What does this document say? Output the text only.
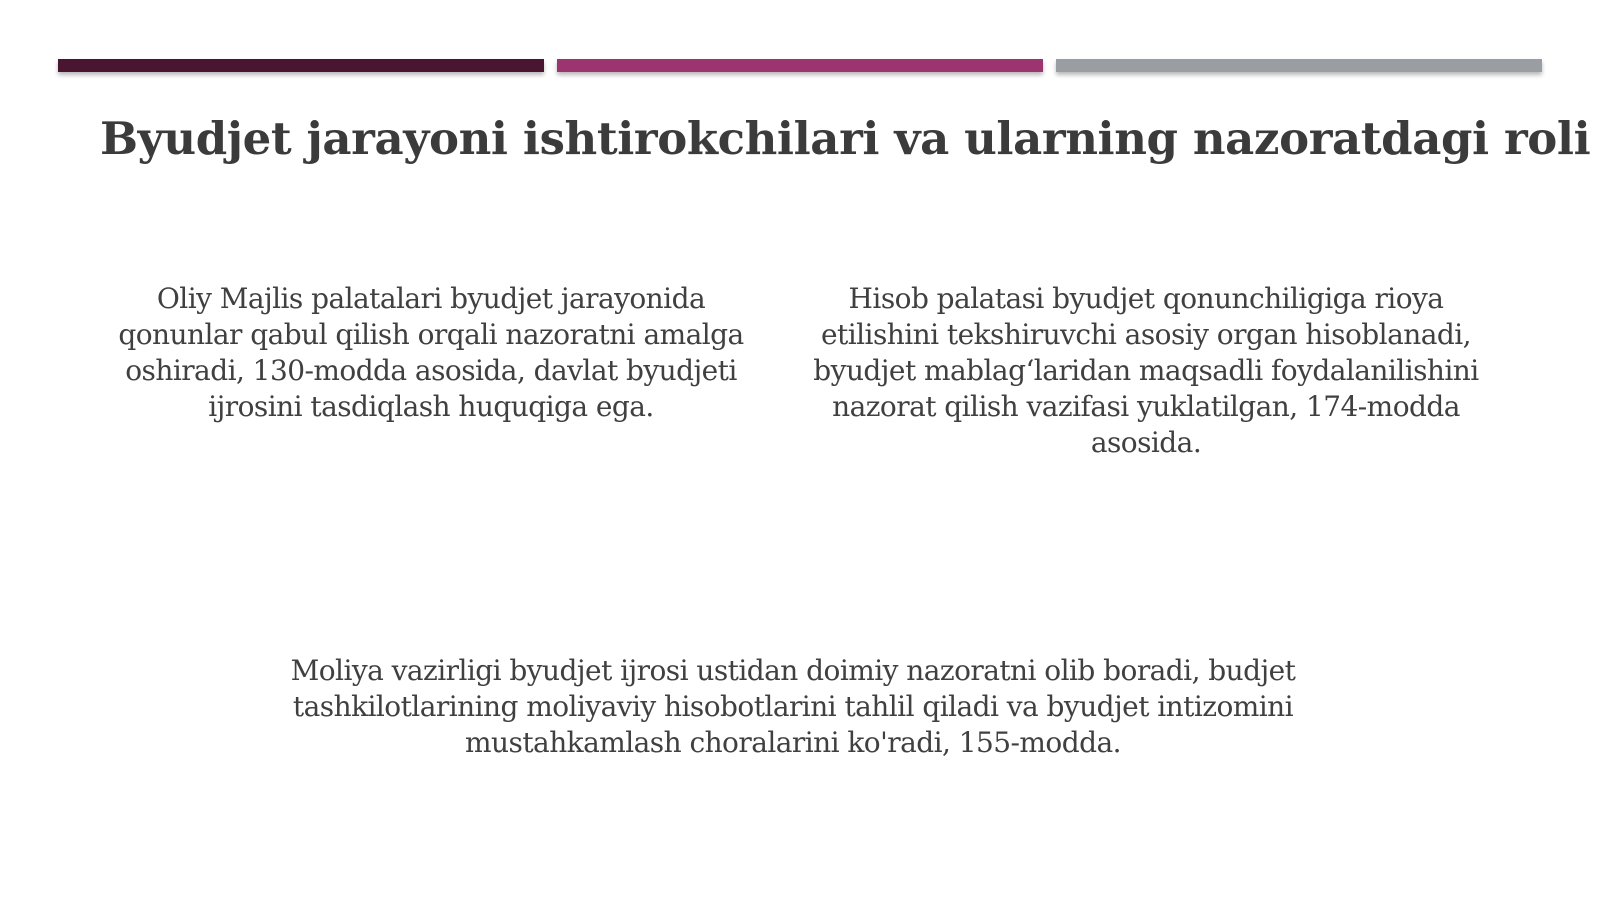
Byudjet jarayoni ishtirokchilari va ularning nazoratdagi roli
Oliy Majlis palatalari byudjet jarayonida qonunlar qabul qilish orqali nazoratni amalga oshiradi, 130-modda asosida, davlat byudjeti ijrosini tasdiqlash huquqiga ega.
Hisob palatasi byudjet qonunchiligiga rioya etilishini tekshiruvchi asosiy organ hisoblanadi, byudjet mablag‘laridan maqsadli foydalanilishini nazorat qilish vazifasi yuklatilgan, 174-modda asosida.
Moliya vazirligi byudjet ijrosi ustidan doimiy nazoratni olib boradi, budjet tashkilotlarining moliyaviy hisobotlarini tahlil qiladi va byudjet intizomini mustahkamlash choralarini ko'radi, 155-modda.
